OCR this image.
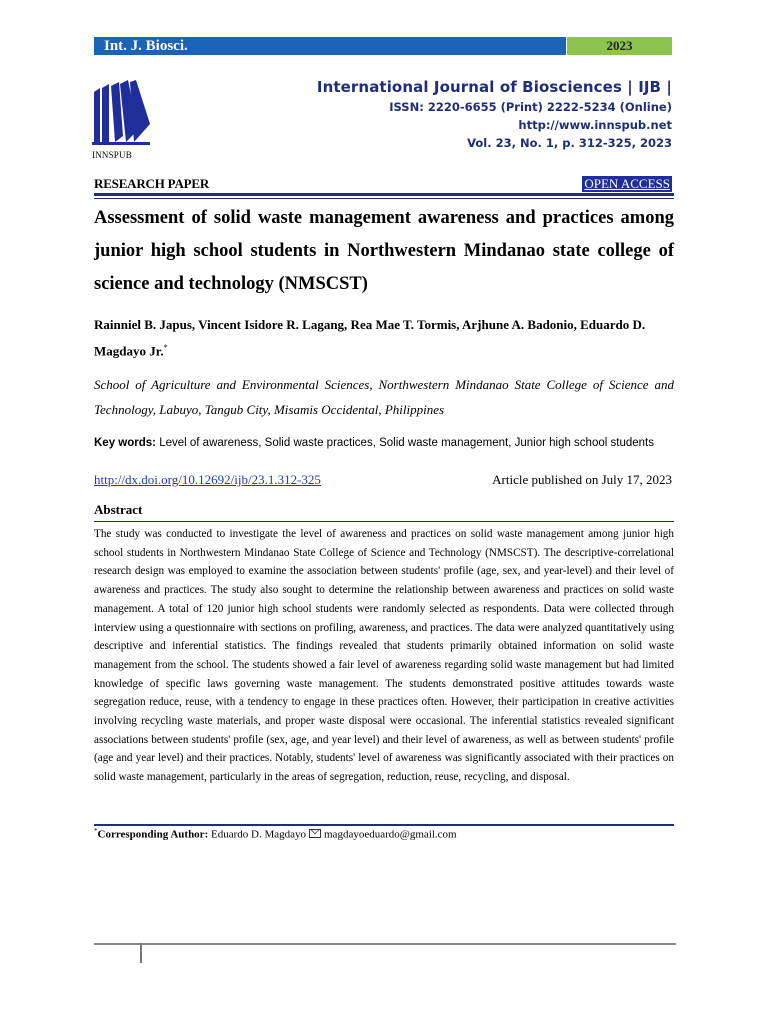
Int. J. Biosci.	2023
INNSPUB
International Journal of Biosciences | IJB |
ISSN: 2220-6655 (Print) 2222-5234 (Online)
http://www.innspub.net
Vol. 23, No. 1, p. 312-325, 2023
RESEARCH PAPER	OPEN ACCESS
Assessment of solid waste management awareness and practices among junior high school students in Northwestern Mindanao state college of science and technology (NMSCST)
Rainniel B. Japus, Vincent Isidore R. Lagang, Rea Mae T. Tormis, Arjhune A. Badonio, Eduardo D. Magdayo Jr.*
School of Agriculture and Environmental Sciences, Northwestern Mindanao State College of Science and Technology, Labuyo, Tangub City, Misamis Occidental, Philippines
Key words: Level of awareness, Solid waste practices, Solid waste management, Junior high school students
http://dx.doi.org/10.12692/ijb/23.1.312-325	Article published on July 17, 2023
Abstract
The study was conducted to investigate the level of awareness and practices on solid waste management among junior high school students in Northwestern Mindanao State College of Science and Technology (NMSCST). The descriptive-correlational research design was employed to examine the association between students' profile (age, sex, and year-level) and their level of awareness and practices. The study also sought to determine the relationship between awareness and practices on solid waste management. A total of 120 junior high school students were randomly selected as respondents. Data were collected through interview using a questionnaire with sections on profiling, awareness, and practices. The data were analyzed quantitatively using descriptive and inferential statistics. The findings revealed that students primarily obtained information on solid waste management from the school. The students showed a fair level of awareness regarding solid waste management but had limited knowledge of specific laws governing waste management. The students demonstrated positive attitudes towards waste segregation reduce, reuse, with a tendency to engage in these practices often. However, their participation in creative activities involving recycling waste materials, and proper waste disposal were occasional. The inferential statistics revealed significant associations between students' profile (sex, age, and year level) and their level of awareness, as well as between students' profile (age and year level) and their practices. Notably, students' level of awareness was significantly associated with their practices on solid waste management, particularly in the areas of segregation, reduction, reuse, recycling, and disposal.
*Corresponding Author: Eduardo D. Magdayo magdayoeduardo@gmail.com
